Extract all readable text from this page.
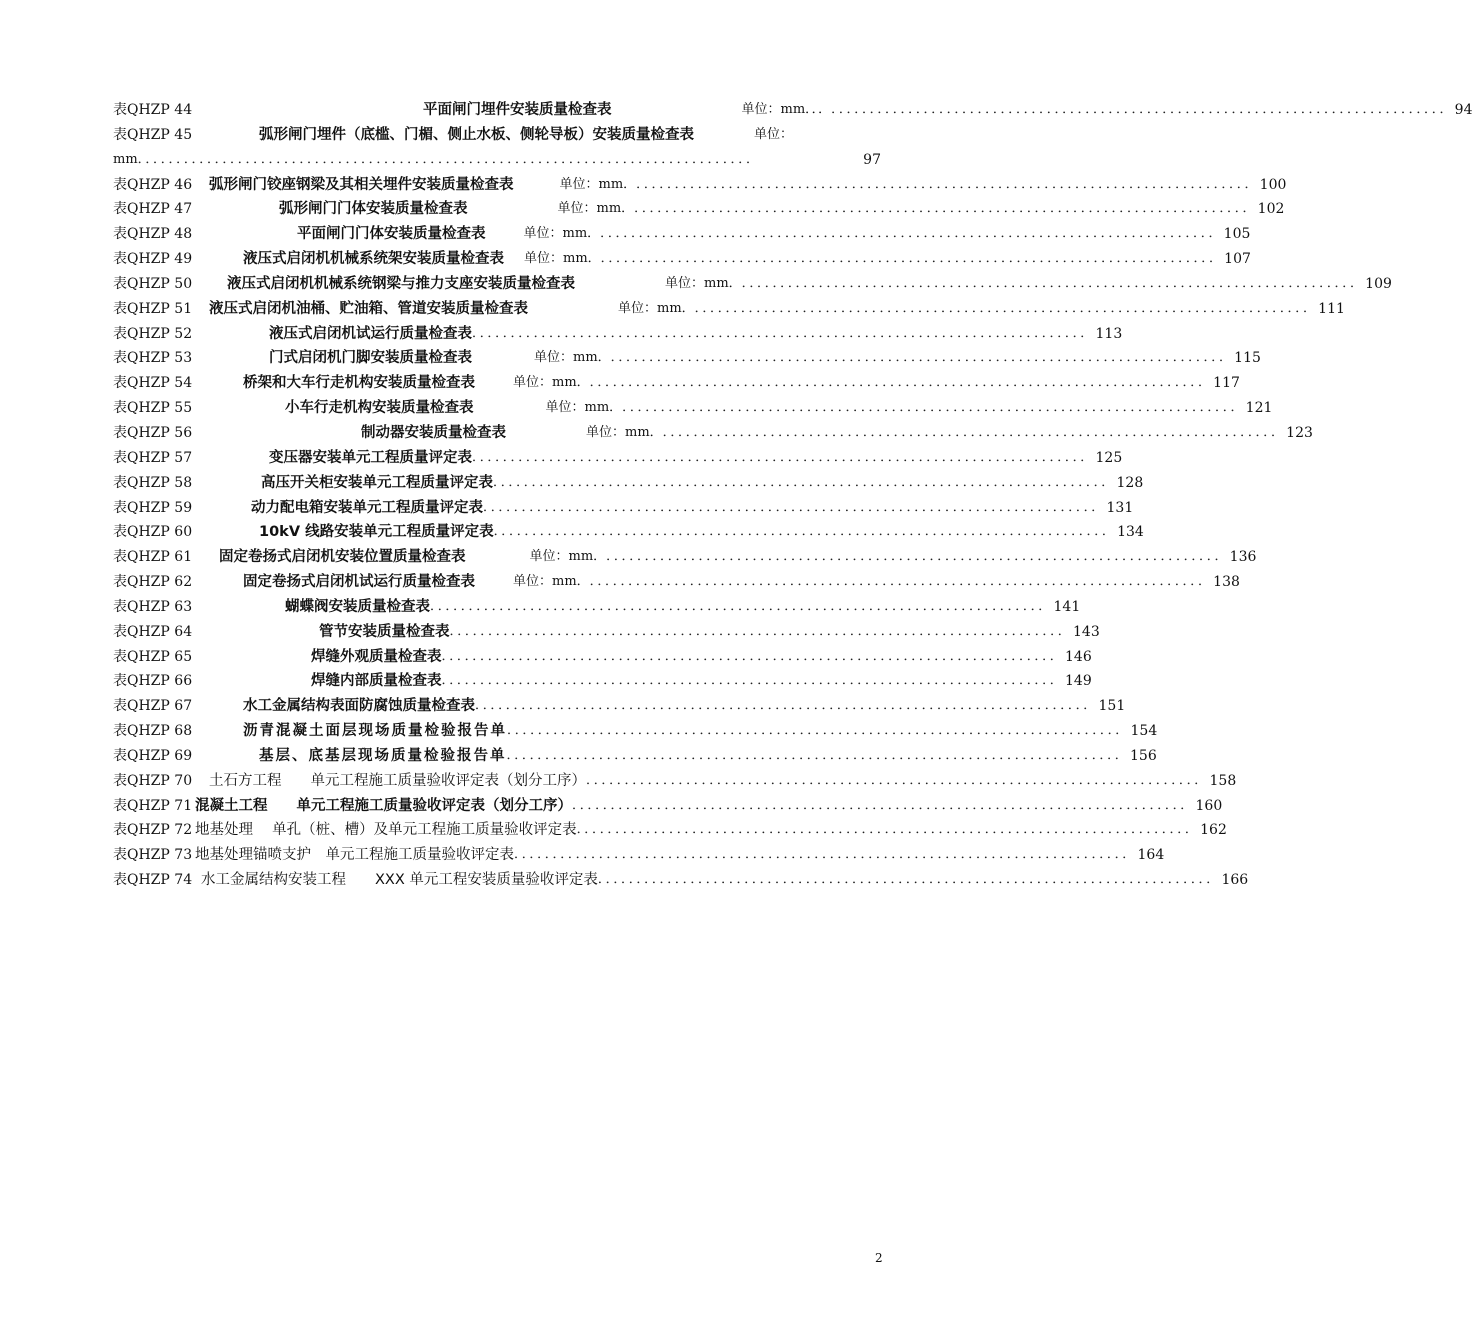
表QHZP 44	平面闸门埋件安装质量检查表	单位：mm．．． ．．．．．．．．．．．．．．．．．．．．．．．．．．．．．．．．．．．．．．．．．．．．．．．．．．．．．．．．．．．．．．．．．．．．．．．．．．．．．．．． 94
表QHZP 45	弧形闸门埋件（底槛、门楣、侧止水板、侧轮导板）安装质量检查表	单位：
mm ．．．．．．．．．．．．．．．．．．．．．．．．．．．．．．．．．．．．．．．．．．．．．．．．．．．．．．．．．．．．．．．．．．．．．．．．．．．．．．．．	97
表QHZP 46	弧形闸门铰座钢梁及其相关埋件安装质量检查表	单位：mm． ．．．．．．．．．．．．．．．．．．．．．．．．．．．．．．．．．．．．．．．．．．．．．．．．．．．．．．．．．．．．．．．．．．．．．．．．．．．．．．．． 100
表QHZP 47	弧形闸门门体安装质量检查表	单位：mm． ．．．．．．．．．．．．．．．．．．．．．．．．．．．．．．．．．．．．．．．．．．．．．．．．．．．．．．．．．．．．．．．．．．．．．．．．．．．．．．．． 102
表QHZP 48	平面闸门门体安装质量检查表	单位：mm． ．．．．．．．．．．．．．．．．．．．．．．．．．．．．．．．．．．．．．．．．．．．．．．．．．．．．．．．．．．．．．．．．．．．．．．．．．．．．．．．． 105
表QHZP 49	液压式启闭机机械系统架安装质量检查表 单位：mm． ．．．．．．．．．．．．．．．．．．．．．．．．．．．．．．．．．．．．．．．．．．．．．．．．．．．．．．．．．．．．．．．．．．．．．．．．．．．．．．．． 107
表QHZP 50	液压式启闭机机械系统钢梁与推力支座安装质量检查表	单位：mm． ．．．．．．．．．．．．．．．．．．．．．．．．．．．．．．．．．．．．．．．．．．．．．．．．．．．．．．．．．．．．．．．．．．．．．．．．．．．．．．．． 109
表QHZP 51	液压式启闭机油桶、贮油箱、管道安装质量检查表	单位：mm． ．．．．．．．．．．．．．．．．．．．．．．．．．．．．．．．．．．．．．．．．．．．．．．．．．．．．．．．．．．．．．．．．．．．．．．．．．．．．．．．． 111
表QHZP 52	液压式启闭机试运行质量检查表 ．．．．．．．．．．．．．．．．．．．．．．．．．．．．．．．．．．．．．．．．．．．．．．．．．．．．．．．．．．．．．．．．．．．．．．．．．．．．．．．． 113
表QHZP 53	门式启闭机门脚安装质量检查表	单位：mm． ．．．．．．．．．．．．．．．．．．．．．．．．．．．．．．．．．．．．．．．．．．．．．．．．．．．．．．．．．．．．．．．．．．．．．．．．．．．．．．．． 115
表QHZP 54	桥架和大车行走机构安装质量检查表	单位：mm． ．．．．．．．．．．．．．．．．．．．．．．．．．．．．．．．．．．．．．．．．．．．．．．．．．．．．．．．．．．．．．．．．．．．．．．．．．．．．．．．． 117
表QHZP 55	小车行走机构安装质量检查表	单位：mm． ．．．．．．．．．．．．．．．．．．．．．．．．．．．．．．．．．．．．．．．．．．．．．．．．．．．．．．．．．．．．．．．．．．．．．．．．．．．．．．．． 121
表QHZP 56	制动器安装质量检查表	单位：mm． ．．．．．．．．．．．．．．．．．．．．．．．．．．．．．．．．．．．．．．．．．．．．．．．．．．．．．．．．．．．．．．．．．．．．．．．．．．．．．．．． 123
表QHZP 57	变压器安装单元工程质量评定表 ．．．．．．．．．．．．．．．．．．．．．．．．．．．．．．．．．．．．．．．．．．．．．．．．．．．．．．．．．．．．．．．．．．．．．．．．．．．．．．．． 125
表QHZP 58	高压开关柜安装单元工程质量评定表 ．．．．．．．．．．．．．．．．．．．．．．．．．．．．．．．．．．．．．．．．．．．．．．．．．．．．．．．．．．．．．．．．．．．．．．．．．．．．．．．． 128
表QHZP 59	动力配电箱安装单元工程质量评定表 ．．．．．．．．．．．．．．．．．．．．．．．．．．．．．．．．．．．．．．．．．．．．．．．．．．．．．．．．．．．．．．．．．．．．．．．．．．．．．．．． 131
表QHZP 60	10kV 线路安装单元工程质量评定表 ．．．．．．．．．．．．．．．．．．．．．．．．．．．．．．．．．．．．．．．．．．．．．．．．．．．．．．．．．．．．．．．．．．．．．．．．．．．．．．．． 134
表QHZP 61	固定卷扬式启闭机安装位置质量检查表	单位：mm． ．．．．．．．．．．．．．．．．．．．．．．．．．．．．．．．．．．．．．．．．．．．．．．．．．．．．．．．．．．．．．．．．．．．．．．．．．．．．．．．． 136
表QHZP 62	固定卷扬式启闭机试运行质量检查表	单位：mm． ．．．．．．．．．．．．．．．．．．．．．．．．．．．．．．．．．．．．．．．．．．．．．．．．．．．．．．．．．．．．．．．．．．．．．．．．．．．．．．．． 138
表QHZP 63	蝴蝶阀安装质量检查表 ．．．．．．．．．．．．．．．．．．．．．．．．．．．．．．．．．．．．．．．．．．．．．．．．．．．．．．．．．．．．．．．．．．．．．．．．．．．．．．．． 141
表QHZP 64	管节安装质量检查表 ．．．．．．．．．．．．．．．．．．．．．．．．．．．．．．．．．．．．．．．．．．．．．．．．．．．．．．．．．．．．．．．．．．．．．．．．．．．．．．．． 143
表QHZP 65	焊缝外观质量检查表 ．．．．．．．．．．．．．．．．．．．．．．．．．．．．．．．．．．．．．．．．．．．．．．．．．．．．．．．．．．．．．．．．．．．．．．．．．．．．．．．． 146
表QHZP 66	焊缝内部质量检查表 ．．．．．．．．．．．．．．．．．．．．．．．．．．．．．．．．．．．．．．．．．．．．．．．．．．．．．．．．．．．．．．．．．．．．．．．．．．．．．．．． 149
表QHZP 67	水工金属结构表面防腐蚀质量检查表 ．．．．．．．．．．．．．．．．．．．．．．．．．．．．．．．．．．．．．．．．．．．．．．．．．．．．．．．．．．．．．．．．．．．．．．．．．．．．．．．． 151
表QHZP 68	沥青混凝土面层现场质量检验报告单 ．．．．．．．．．．．．．．．．．．．．．．．．．．．．．．．．．．．．．．．．．．．．．．．．．．．．．．．．．．．．．．．．．．．．．．．．．．．．．．．． 154
表QHZP 69	基层、底基层现场质量检验报告单 ．．．．．．．．．．．．．．．．．．．．．．．．．．．．．．．．．．．．．．．．．．．．．．．．．．．．．．．．．．．．．．．．．．．．．．．．．．．．．．．． 156
表QHZP 70	土石方工程　　单元工程施工质量验收评定表（划分工序） ．．．．．．．．．．．．．．．．．．．．．．．．．．．．．．．．．．．．．．．．．．．．．．．．．．．．．．．．．．．．．．．．．．．．．．．．．．．．．．．． 158
表QHZP 71 混凝土工程　　单元工程施工质量验收评定表（划分工序） ．．．．．．．．．．．．．．．．．．．．．．．．．．．．．．．．．．．．．．．．．．．．．．．．．．．．．．．．．．．．．．．．．．．．．．．．．．．．．．．． 160
表QHZP 72 地基处理　 单孔（桩、槽）及单元工程施工质量验收评定表 ．．．．．．．．．．．．．．．．．．．．．．．．．．．．．．．．．．．．．．．．．．．．．．．．．．．．．．．．．．．．．．．．．．．．．．．．．．．．．．．． 162
表QHZP 73 地基处理锚喷支护　单元工程施工质量验收评定表 ．．．．．．．．．．．．．．．．．．．．．．．．．．．．．．．．．．．．．．．．．．．．．．．．．．．．．．．．．．．．．．．．．．．．．．．．．．．．．．．． 164
表QHZP 74 水工金属结构安装工程　　XXX 单元工程安装质量验收评定表 ．．．．．．．．．．．．．．．．．．．．．．．．．．．．．．．．．．．．．．．．．．．．．．．．．．．．．．．．．．．．．．．．．．．．．．．．．．．．．．．． 166
2
